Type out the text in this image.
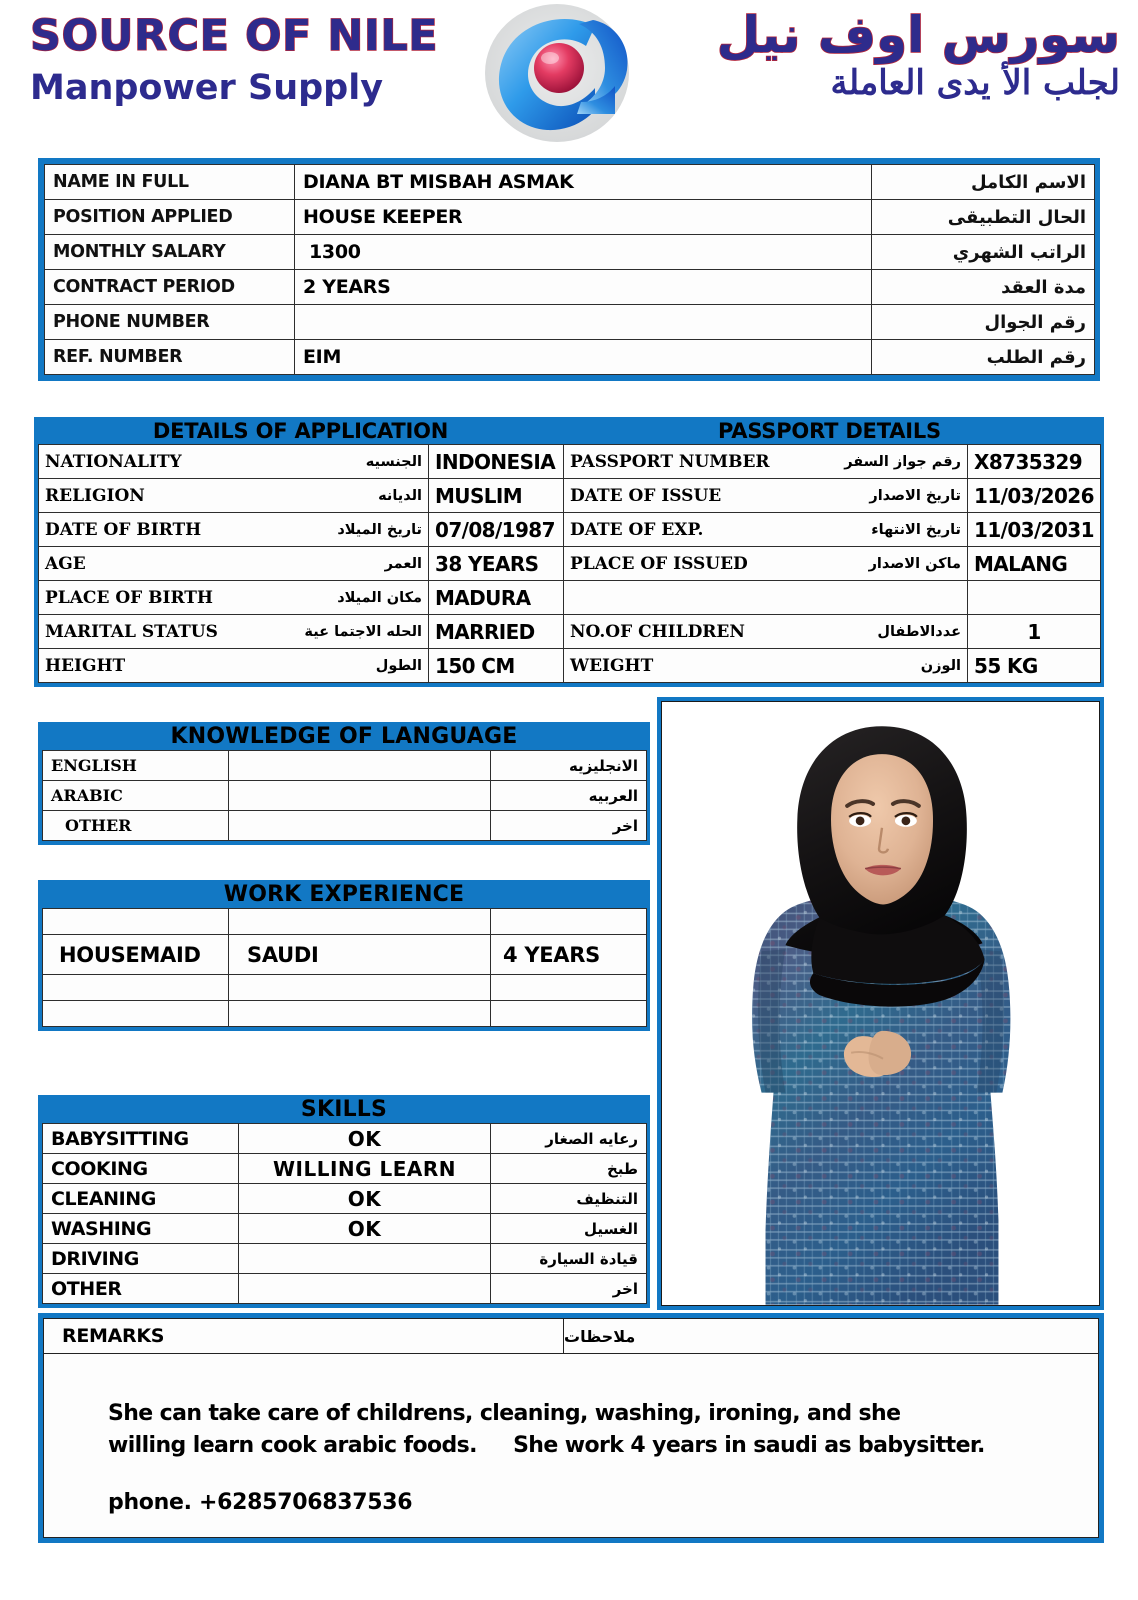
SOURCE OF NILE
Manpower Supply
سورس اوف نيل
لجلب الأ يدى العاملة
NAME IN FULL	DIANA BT MISBAH ASMAK	الاسم الكامل
POSITION APPLIED	HOUSE KEEPER	الحال التطبيقى
MONTHLY SALARY	1300	الراتب الشهري
CONTRACT PERIOD	2 YEARS	مدة العقد
PHONE NUMBER		رقم الجوال
REF. NUMBER	EIM	رقم الطلب
DETAILS OF APPLICATION	PASSPORT DETAILS
NATIONALITY الجنسيه	INDONESIA	PASSPORT NUMBER رقم جواز السفر	X8735329

RELIGION الديانه	MUSLIM	DATE OF ISSUE تاريخ الاصدار	11/03/2026

DATE OF BIRTH تاريخ الميلاد	07/08/1987	DATE OF EXP. تاريخ الانتهاء	11/03/2031

AGE العمر	38 YEARS	PLACE OF ISSUED ماكن الاصدار	MALANG

PLACE OF BIRTH مكان الميلاد	MADURA	

MARITAL STATUS الحله الاجتما عية	MARRIED	NO.OF CHILDREN عددالاطفال	1

HEIGHT الطول	150 CM	WEIGHT الوزن	55 KG
KNOWLEDGE OF LANGUAGE
ENGLISH		الانجليزيه
ARABIC		العربيه
OTHER		اخر
WORK EXPERIENCE

HOUSEMAID	SAUDI	4 YEARS

SKILLS
BABYSITTING	OK	رعايه الصغار
COOKING	WILLING LEARN	طبخ
CLEANING	OK	التنظيف
WASHING	OK	الغسيل
DRIVING		قيادة السيارة
OTHER		اخر
REMARKS	ملاحظات
She can take care of childrens, cleaning, washing, ironing, and she
willing learn cook arabic foods. She work 4 years in saudi as babysitter.
phone. +6285706837536
